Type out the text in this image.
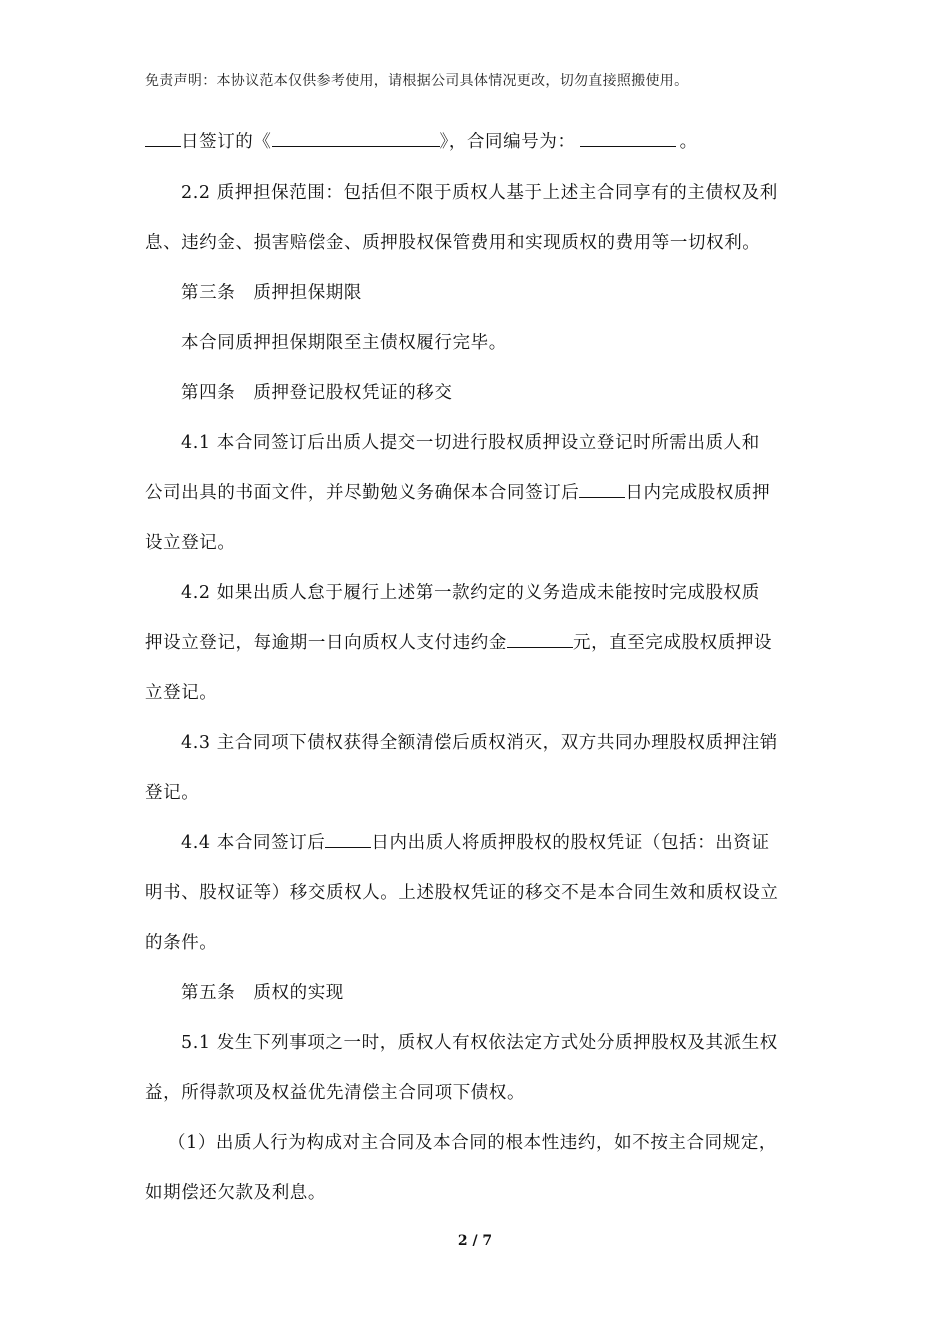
免责声明：本协议范本仅供参考使用，请根据公司具体情况更改，切勿直接照搬使用。
日签订的《	》，合同编号为：	。
2.2 质押担保范围：包括但不限于质权人基于上述主合同享有的主债权及利
息、违约金、损害赔偿金、质押股权保管费用和实现质权的费用等一切权利。
第三条　质押担保期限
本合同质押担保期限至主债权履行完毕。
第四条　质押登记股权凭证的移交
4.1 本合同签订后出质人提交一切进行股权质押设立登记时所需出质人和
公司出具的书面文件，并尽勤勉义务确保本合同签订后	日内完成股权质押
设立登记。
4.2 如果出质人怠于履行上述第一款约定的义务造成未能按时完成股权质
押设立登记，每逾期一日向质权人支付违约金	元，直至完成股权质押设
立登记。
4.3 主合同项下债权获得全额清偿后质权消灭，双方共同办理股权质押注销
登记。
4.4 本合同签订后	日内出质人将质押股权的股权凭证（包括：出资证
明书、股权证等）移交质权人。上述股权凭证的移交不是本合同生效和质权设立
的条件。
第五条　质权的实现
5.1 发生下列事项之一时，质权人有权依法定方式处分质押股权及其派生权
益，所得款项及权益优先清偿主合同项下债权。
（1）出质人行为构成对主合同及本合同的根本性违约，如不按主合同规定，
如期偿还欠款及利息。
2 / 7
